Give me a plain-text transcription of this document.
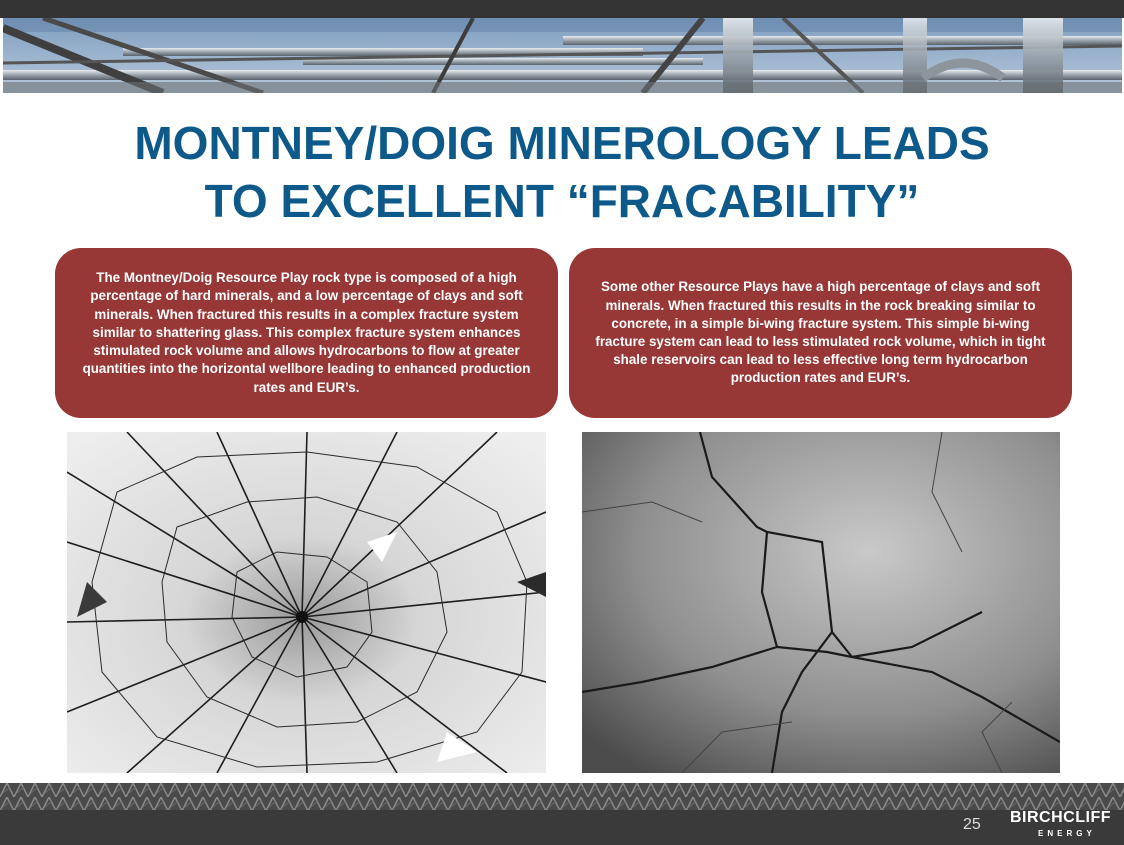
MONTNEY/DOIG MINEROLOGY LEADS
TO EXCELLENT “FRACABILITY”
The Montney/Doig Resource Play rock type is composed of a high percentage of hard minerals, and a low percentage of clays and soft minerals. When fractured this results in a complex fracture system similar to shattering glass. This complex fracture system enhances stimulated rock volume and allows hydrocarbons to flow at greater quantities into the horizontal wellbore leading to enhanced production rates and EUR’s.
Some other Resource Plays have a high percentage of clays and soft minerals. When fractured this results in the rock breaking similar to concrete, in a simple bi-wing fracture system. This simple bi-wing fracture system can lead to less stimulated rock volume, which in tight shale reservoirs can lead to less effective long term hydrocarbon production rates and EUR’s.
25 BIRCHCLIFF
ENERGY
